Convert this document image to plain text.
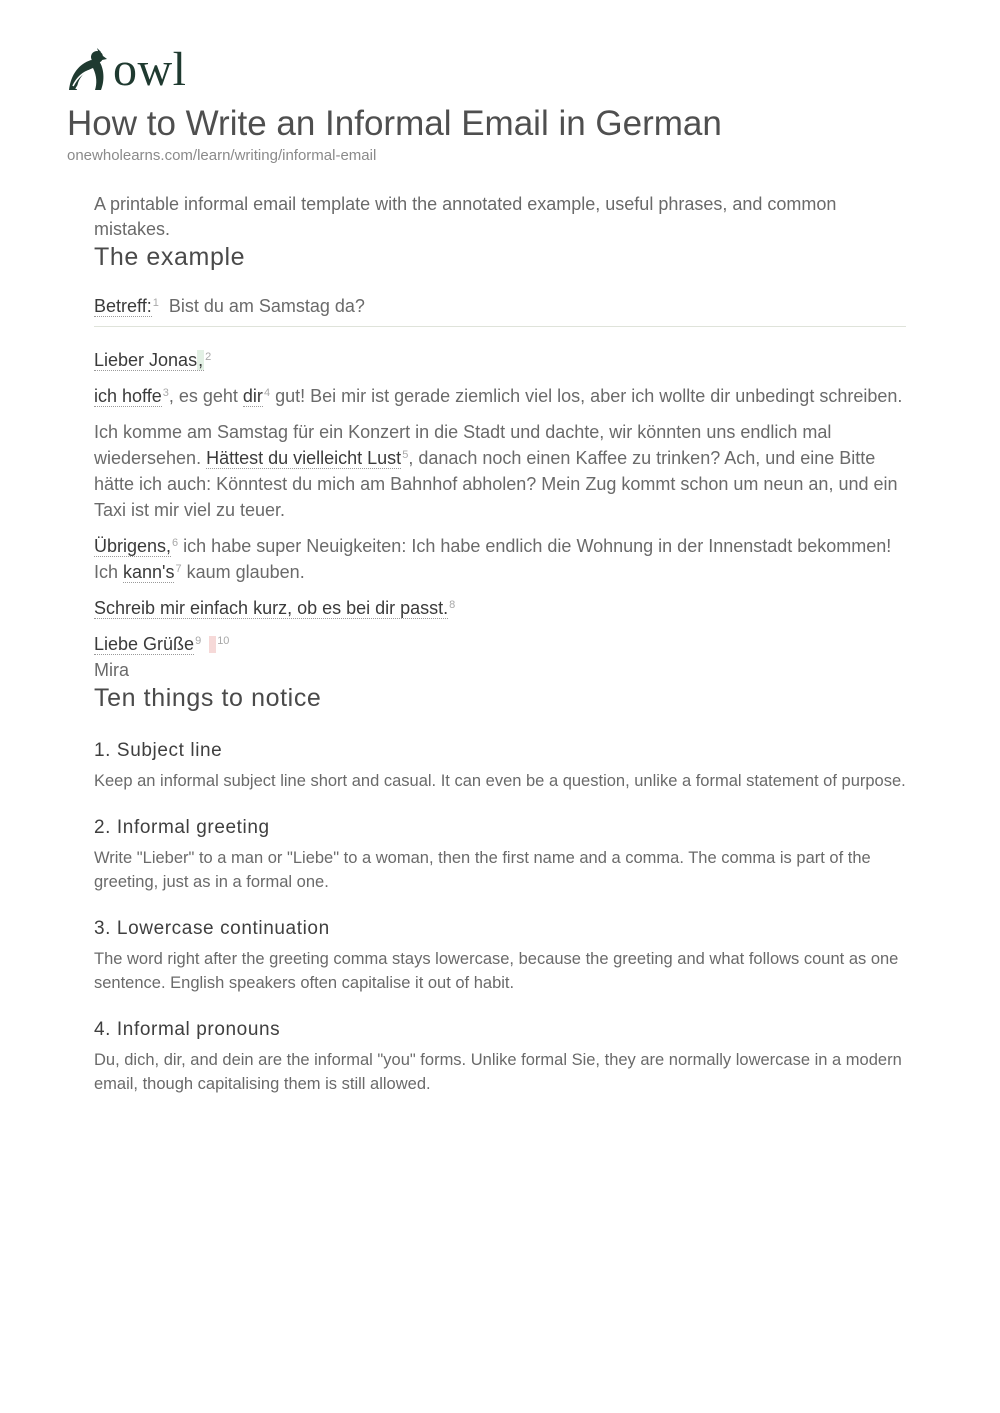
owl
How to Write an Informal Email in German
onewholearns.com/learn/writing/informal-email

A printable informal email template with the annotated example, useful phrases, and common mistakes.

The example
Betreff:$^1$ Bist du am Samstag da?
Lieber Jonas, $^2$
ich hoffe$^3$, es geht dir$^4$ gut! Bei mir ist gerade ziemlich viel los, aber ich wollte dir unbedingt schreiben.
Ich komme am Samstag für ein Konzert in die Stadt und dachte, wir könnten uns endlich mal wiedersehen. Hättest du vielleicht Lust$^5$, danach noch einen Kaffee zu trinken? Ach, und eine Bitte hätte ich auch: Könntest du mich am Bahnhof abholen? Mein Zug kommt schon um neun an, und ein Taxi ist mir viel zu teuer.
Übrigens,$^6$ ich habe super Neuigkeiten: Ich habe endlich die Wohnung in der Innenstadt bekommen! Ich $kann's^7$ kaum glauben.
Schreib mir einfach kurz, ob es bei dir passt.$^8$
Liebe Grüße$^9$ $^{10}$
Mira
Ten things to notice
1. Subject line

Keep an informal subject line short and casual. It can even be a question, unlike a formal statement of purpose.

2. Informal greeting

Write "Lieber" to a man or "Liebe" to a woman, then the first name and a comma. The comma is part of the greeting, just as in a formal one.

3. Lowercase continuation

The word right after the greeting comma stays lowercase, because the greeting and what follows count as one sentence. English speakers often capitalise it out of habit.

4. Informal pronouns

Du, dich, dir, and dein are the informal "you" forms. Unlike formal Sie, they are normally lowercase in a modern email, though capitalising them is still allowed.
